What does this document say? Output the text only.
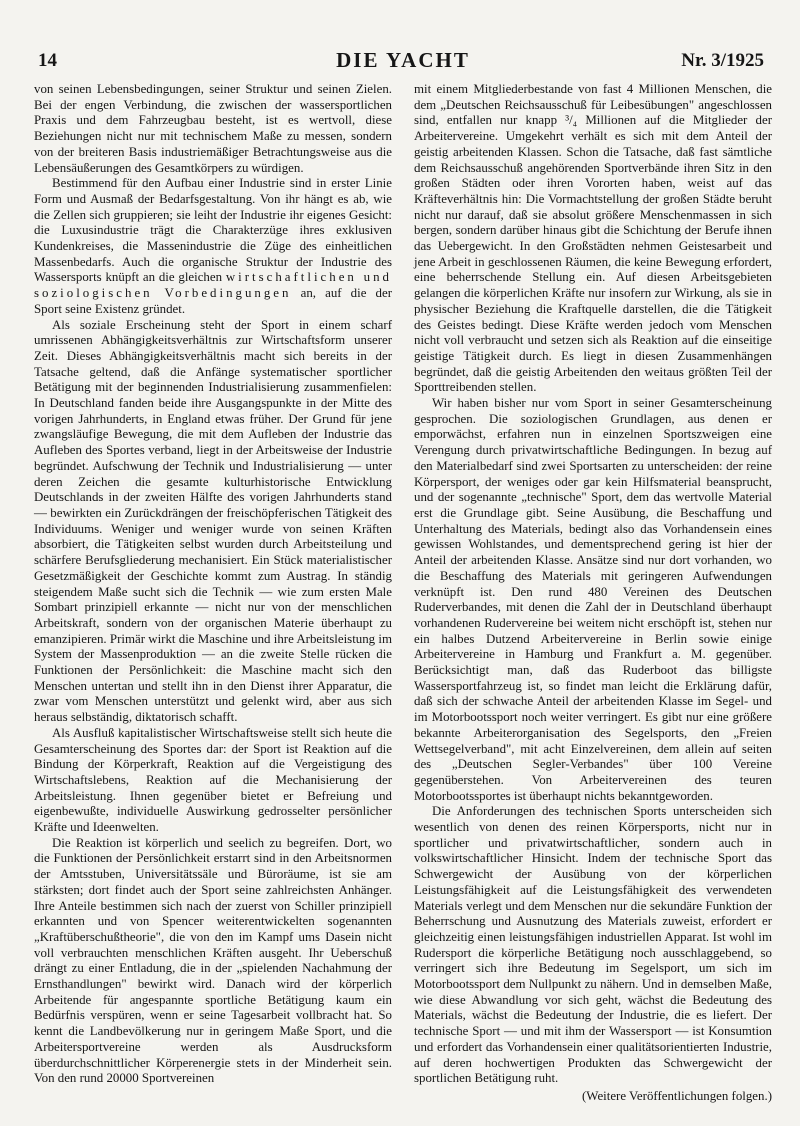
14	DIE YACHT	Nr. 3/1925

von seinen Lebensbedingungen, seiner Struktur und seinen Zielen. Bei der engen Verbindung, die zwischen der wassersportlichen Praxis und dem Fahrzeugbau besteht, ist es wertvoll, diese Beziehungen nicht nur mit technischem Maße zu messen, sondern von der breiteren Basis industriemäßiger Betrachtungsweise aus die Lebensäußerungen des Gesamtkörpers zu würdigen.

Bestimmend für den Aufbau einer Industrie sind in erster Linie Form und Ausmaß der Bedarfsgestaltung. Von ihr hängt es ab, wie die Zellen sich gruppieren; sie leiht der Industrie ihr eigenes Gesicht: die Luxusindustrie trägt die Charakterzüge ihres exklusiven Kundenkreises, die Massenindustrie die Züge des einheitlichen Massenbedarfs. Auch die organische Struktur der Industrie des Wassersports knüpft an die gleichen wirtschaftlichen und soziologischen Vorbedingungen an, auf die der Sport seine Existenz gründet.

Als soziale Erscheinung steht der Sport in einem scharf umrissenen Abhängigkeitsverhältnis zur Wirtschaftsform unserer Zeit. Dieses Abhängigkeitsverhältnis macht sich bereits in der Tatsache geltend, daß die Anfänge systematischer sportlicher Betätigung mit der beginnenden Industrialisierung zusammenfielen: In Deutschland fanden beide ihre Ausgangspunkte in der Mitte des vorigen Jahrhunderts, in England etwas früher. Der Grund für jene zwangsläufige Bewegung, die mit dem Aufleben der Industrie das Aufleben des Sportes verband, liegt in der Arbeitsweise der Industrie begründet. Aufschwung der Technik und Industrialisierung — unter deren Zeichen die gesamte kulturhistorische Entwicklung Deutschlands in der zweiten Hälfte des vorigen Jahrhunderts stand — bewirkten ein Zurückdrängen der freischöpferischen Tätigkeit des Individuums. Weniger und weniger wurde von seinen Kräften absorbiert, die Tätigkeiten selbst wurden durch Arbeitsteilung und schärfere Berufsgliederung mechanisiert. Ein Stück materialistischer Gesetzmäßigkeit der Geschichte kommt zum Austrag. In ständig steigendem Maße sucht sich die Technik — wie zum ersten Male Sombart prinzipiell erkannte — nicht nur von der menschlichen Arbeitskraft, sondern von der organischen Materie überhaupt zu emanzipieren. Primär wirkt die Maschine und ihre Arbeitsleistung im System der Massenproduktion — an die zweite Stelle rücken die Funktionen der Persönlichkeit: die Maschine macht sich den Menschen untertan und stellt ihn in den Dienst ihrer Apparatur, die zwar vom Menschen unterstützt und gelenkt wird, aber aus sich heraus selbständig, diktatorisch schafft.

Als Ausfluß kapitalistischer Wirtschaftsweise stellt sich heute die Gesamterscheinung des Sportes dar: der Sport ist Reaktion auf die Bindung der Körperkraft, Reaktion auf die Vergeistigung des Wirtschaftslebens, Reaktion auf die Mechanisierung der Arbeitsleistung. Ihnen gegenüber bietet er Befreiung und eigenbewußte, individuelle Auswirkung gedrosselter persönlicher Kräfte und Ideenwelten.

Die Reaktion ist körperlich und seelich zu begreifen. Dort, wo die Funktionen der Persönlichkeit erstarrt sind in den Arbeitsnormen der Amtsstuben, Universitätssäle und Büroräume, ist sie am stärksten; dort findet auch der Sport seine zahlreichsten Anhänger. Ihre Anteile bestimmen sich nach der zuerst von Schiller prinzipiell erkannten und von Spencer weiterentwickelten sogenannten „Kraftüberschußtheorie", die von den im Kampf ums Dasein nicht voll verbrauchten menschlichen Kräften ausgeht. Ihr Ueberschuß drängt zu einer Entladung, die in der „spielenden Nachahmung der Ernsthandlungen" bewirkt wird. Danach wird der körperlich Arbeitende für angespannte sportliche Betätigung kaum ein Bedürfnis verspüren, wenn er seine Tagesarbeit vollbracht hat. So kennt die Landbevölkerung nur in geringem Maße Sport, und die Arbeitersportvereine werden als Ausdrucksform überdurchschnittlicher Körperenergie stets in der Minderheit sein. Von den rund 20000 Sportvereinen

mit einem Mitgliederbestande von fast 4 Millionen Menschen, die dem „Deutschen Reichsausschuß für Leibesübungen" angeschlossen sind, entfallen nur knapp ³/₄ Millionen auf die Mitglieder der Arbeitervereine. Umgekehrt verhält es sich mit dem Anteil der geistig arbeitenden Klassen. Schon die Tatsache, daß fast sämtliche dem Reichsausschuß angehörenden Sportverbände ihren Sitz in den großen Städten oder ihren Vororten haben, weist auf das Kräfteverhältnis hin: Die Vormachtstellung der großen Städte beruht nicht nur darauf, daß sie absolut größere Menschenmassen in sich bergen, sondern darüber hinaus gibt die Schichtung der Berufe ihnen das Uebergewicht. In den Großstädten nehmen Geistesarbeit und jene Arbeit in geschlossenen Räumen, die keine Bewegung erfordert, eine beherrschende Stellung ein. Auf diesen Arbeitsgebieten gelangen die körperlichen Kräfte nur insofern zur Wirkung, als sie in physischer Beziehung die Kraftquelle darstellen, die die Tätigkeit des Geistes bedingt. Diese Kräfte werden jedoch vom Menschen nicht voll verbraucht und setzen sich als Reaktion auf die einseitige geistige Tätigkeit durch. Es liegt in diesen Zusammenhängen begründet, daß die geistig Arbeitenden den weitaus größten Teil der Sporttreibenden stellen.

Wir haben bisher nur vom Sport in seiner Gesamterscheinung gesprochen. Die soziologischen Grundlagen, aus denen er emporwächst, erfahren nun in einzelnen Sportszweigen eine Verengung durch privatwirtschaftliche Bedingungen. In bezug auf den Materialbedarf sind zwei Sportsarten zu unterscheiden: der reine Körpersport, der weniges oder gar kein Hilfsmaterial beansprucht, und der sogenannte „technische" Sport, dem das wertvolle Material erst die Grundlage gibt. Seine Ausübung, die Beschaffung und Unterhaltung des Materials, bedingt also das Vorhandensein eines gewissen Wohlstandes, und dementsprechend gering ist hier der Anteil der arbeitenden Klasse. Ansätze sind nur dort vorhanden, wo die Beschaffung des Materials mit geringeren Aufwendungen verknüpft ist. Den rund 480 Vereinen des Deutschen Ruderverbandes, mit denen die Zahl der in Deutschland überhaupt vorhandenen Rudervereine bei weitem nicht erschöpft ist, stehen nur ein halbes Dutzend Arbeitervereine in Berlin sowie einige Arbeitervereine in Hamburg und Frankfurt a. M. gegenüber. Berücksichtigt man, daß das Ruderboot das billigste Wassersportfahrzeug ist, so findet man leicht die Erklärung dafür, daß sich der schwache Anteil der arbeitenden Klasse im Segel- und im Motorbootssport noch weiter verringert. Es gibt nur eine größere bekannte Arbeiterorganisation des Segelsports, den „Freien Wettsegelverband", mit acht Einzelvereinen, dem allein auf seiten des „Deutschen Segler-Verbandes" über 100 Vereine gegenüberstehen. Von Arbeitervereinen des teuren Motorbootssportes ist überhaupt nichts bekanntgeworden.

Die Anforderungen des technischen Sports unterscheiden sich wesentlich von denen des reinen Körpersports, nicht nur in sportlicher und privatwirtschaftlicher, sondern auch in volkswirtschaftlicher Hinsicht. Indem der technische Sport das Schwergewicht der Ausübung von der körperlichen Leistungsfähigkeit auf die Leistungsfähigkeit des verwendeten Materials verlegt und dem Menschen nur die sekundäre Funktion der Beherrschung und Ausnutzung des Materials zuweist, erfordert er gleichzeitig einen leistungsfähigen industriellen Apparat. Ist wohl im Rudersport die körperliche Betätigung noch ausschlaggebend, so verringert sich ihre Bedeutung im Segelsport, um sich im Motorbootssport dem Nullpunkt zu nähern. Und in demselben Maße, wie diese Abwandlung vor sich geht, wächst die Bedeutung des Materials, wächst die Bedeutung der Industrie, die es liefert. Der technische Sport — und mit ihm der Wassersport — ist Konsumtion und erfordert das Vorhandensein einer qualitätsorientierten Industrie, auf deren hochwertigen Produkten das Schwergewicht der sportlichen Betätigung ruht.

(Weitere Veröffentlichungen folgen.)
